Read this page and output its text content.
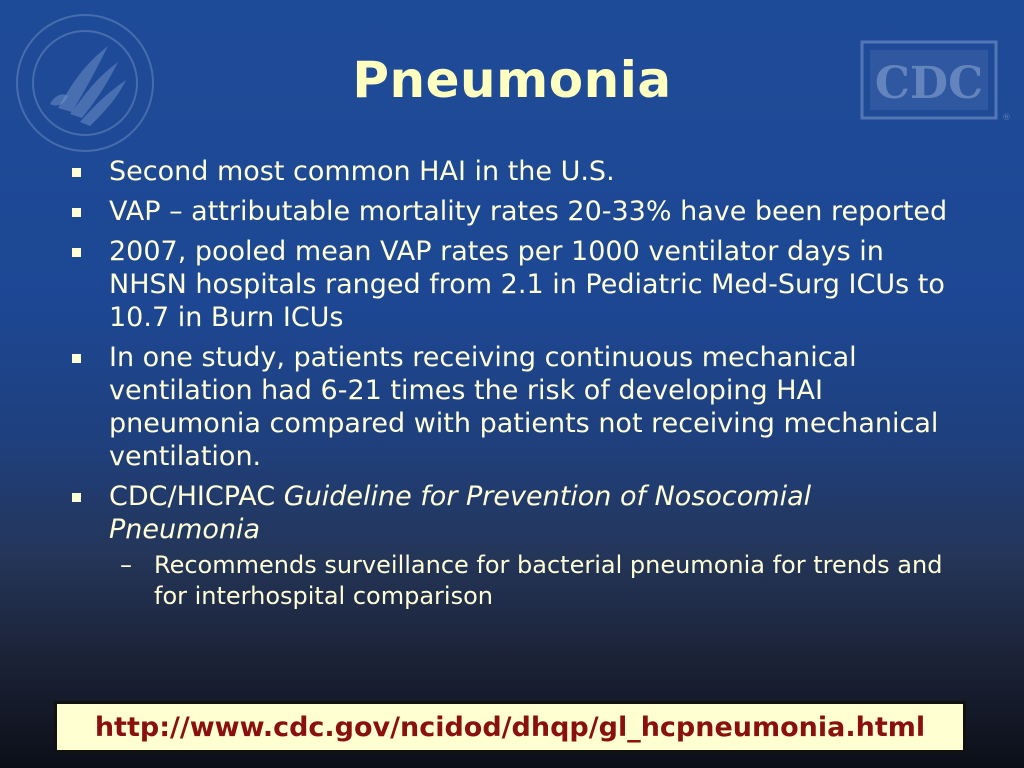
CDC
®
Pneumonia
Second most common HAI in the U.S.
VAP – attributable mortality rates 20-33% have been reported
2007, pooled mean VAP rates per 1000 ventilator days in NHSN hospitals ranged from 2.1 in Pediatric Med-Surg ICUs to 10.7 in Burn ICUs
In one study, patients receiving continuous mechanical ventilation had 6-21 times the risk of developing HAI pneumonia compared with patients not receiving mechanical ventilation.
CDC/HICPAC Guideline for Prevention of Nosocomial Pneumonia
– Recommends surveillance for bacterial pneumonia for trends and for interhospital comparison
http://www.cdc.gov/ncidod/dhqp/gl_hcpneumonia.html
